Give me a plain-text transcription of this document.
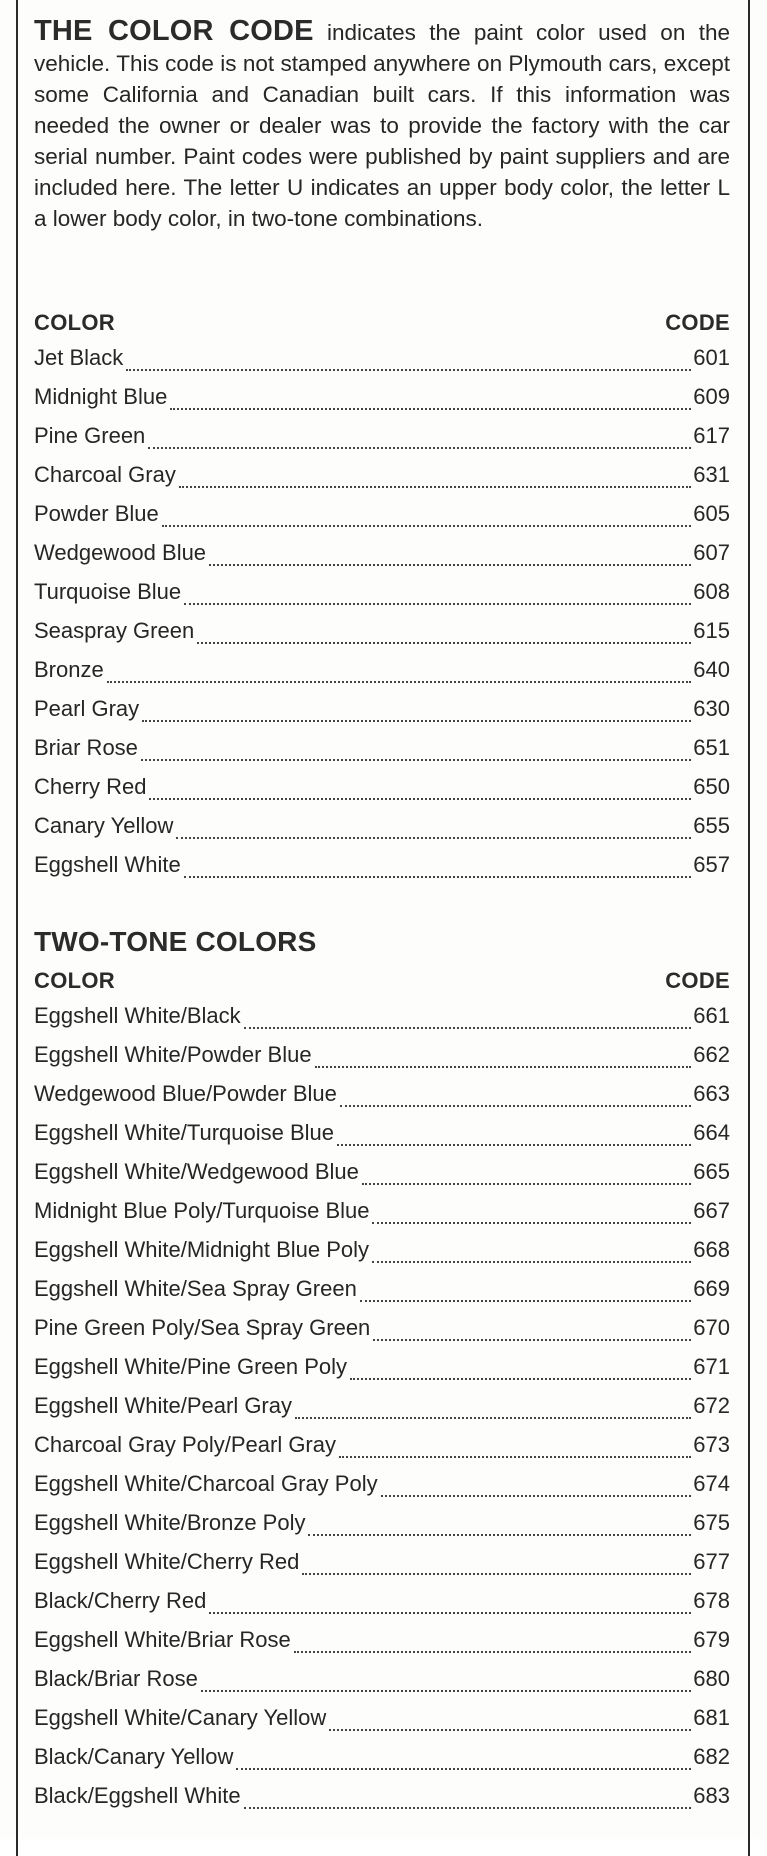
THE COLOR CODE indicates the paint color used on the vehicle. This code is not stamped anywhere on Plymouth cars, except some California and Canadian built cars. If this information was needed the owner or dealer was to provide the factory with the car serial number. Paint codes were published by paint suppliers and are included here. The letter U indicates an upper body color, the letter L a lower body color, in two-tone combinations.

COLOR	CODE
Jet Black	601
Midnight Blue	609
Pine Green	617
Charcoal Gray	631
Powder Blue	605
Wedgewood Blue	607
Turquoise Blue	608
Seaspray Green	615
Bronze	640
Pearl Gray	630
Briar Rose	651
Cherry Red	650
Canary Yellow	655
Eggshell White	657
TWO-TONE COLORS
COLOR	CODE
Eggshell White/Black	661
Eggshell White/Powder Blue	662
Wedgewood Blue/Powder Blue	663
Eggshell White/Turquoise Blue	664
Eggshell White/Wedgewood Blue	665
Midnight Blue Poly/Turquoise Blue	667
Eggshell White/Midnight Blue Poly	668
Eggshell White/Sea Spray Green	669
Pine Green Poly/Sea Spray Green	670
Eggshell White/Pine Green Poly	671
Eggshell White/Pearl Gray	672
Charcoal Gray Poly/Pearl Gray	673
Eggshell White/Charcoal Gray Poly	674
Eggshell White/Bronze Poly	675
Eggshell White/Cherry Red	677
Black/Cherry Red	678
Eggshell White/Briar Rose	679
Black/Briar Rose	680
Eggshell White/Canary Yellow	681
Black/Canary Yellow	682
Black/Eggshell White	683
